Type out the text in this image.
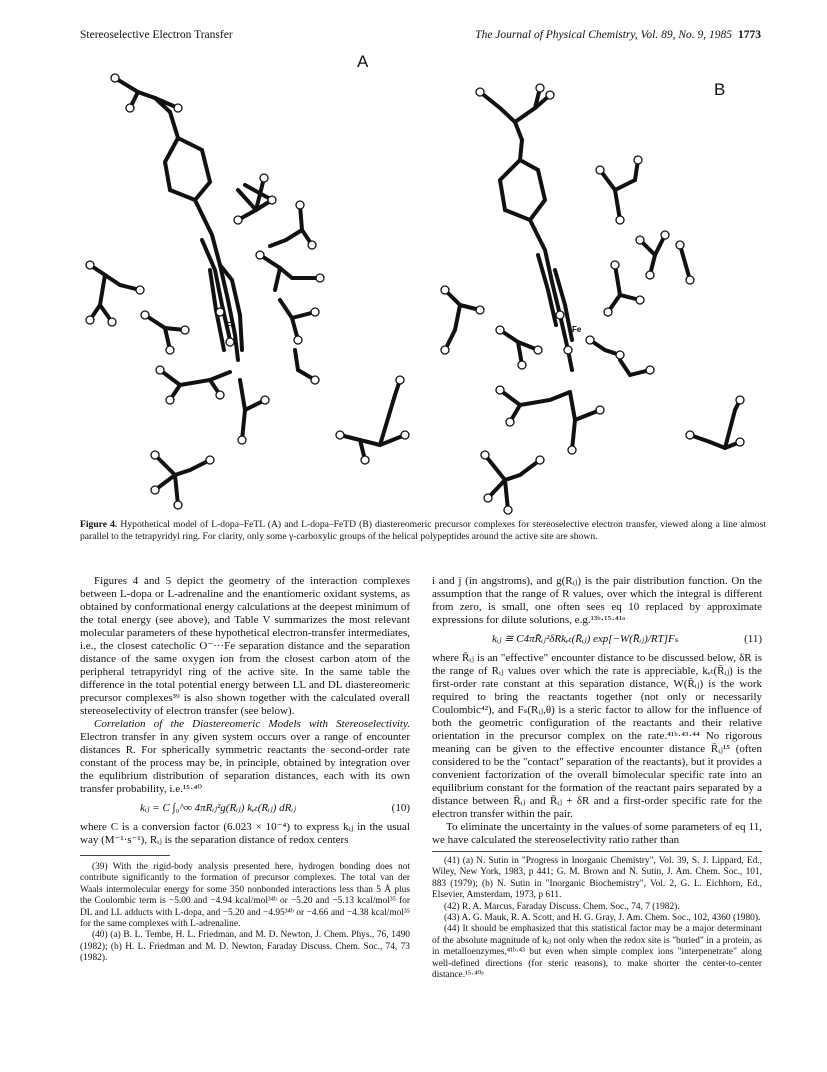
Stereoselective Electron Transfer	The Journal of Physical Chemistry, Vol. 89, No. 9, 1985 1773
A
B
Fe	Fe
Figure 4. Hypothetical model of L-dopa–FeTL (A) and L-dopa–FeTD (B) diastereomeric precursor complexes for stereoselective electron transfer, viewed along a line almost parallel to the tetrapyridyl ring. For clarity, only some γ-carboxylic groups of the helical polypeptides around the active site are shown.

Figures 4 and 5 depict the geometry of the interaction complexes between L-dopa or L-adrenaline and the enantiomeric oxidant systems, as obtained by conformational energy calculations at the deepest minimum of the total energy (see above), and Table V summarizes the most relevant molecular parameters of these hypothetical electron-transfer intermediates, i.e., the closest catecholic O⁻···Fe separation distance and the separation distance of the same oxygen ion from the closest carbon atom of the peripheral tetrapyridyl ring of the active site. In the same table the difference in the total potential energy between LL and DL diastereomeric precursor complexes³⁹ is also shown together with the calculated overall stereoselectivity of electron transfer (see below).

Correlation of the Diastereomeric Models with Stereoselectivity. Electron transfer in any given system occurs over a range of encounter distances R. For spherically symmetric reactants the second-order rate constant of the process may be, in principle, obtained by integration over the equlibrium distribution of separation distances, each with its own transfer probability, i.e.¹⁵·⁴⁰

kᵢⱼ = C ∫₀^∞ 4πRᵢⱼ²g(Rᵢⱼ) kₑₜ(Rᵢⱼ) dRᵢⱼ	(10)

where C is a conversion factor (6.023 × 10⁻⁴) to express kᵢⱼ in the usual way (M⁻¹·s⁻¹), Rᵢⱼ is the separation distance of redox centers

(39) With the rigid-body analysis presented here, hydrogen bonding does not contribute significantly to the formation of precursor complexes. The total van der Waals intermolecular energy for some 350 nonbonded interactions less than 5 Å plus the Coulombic term is −5.00 and −4.94 kcal/mol³⁴ᵇ or −5.20 and −5.13 kcal/mol³⁵ for DL and LL adducts with L-dopa, and −5.20 and −4.95³⁴ᵇ or −4.66 and −4.38 kcal/mol³⁵ for the same complexes with L-adrenaline.

(40) (a) B. L. Tembe, H. L. Friedman, and M. D. Newton, J. Chem. Phys., 76, 1490 (1982); (b) H. L. Friedman and M. D. Newton, Faraday Discuss. Chem. Soc., 74, 73 (1982).

i and j (in angstroms), and g(Rᵢⱼ) is the pair distribution function. On the assumption that the range of R values, over which the integral is different from zero, is small, one often sees eq 10 replaced by approximate expressions for dilute solutions, e.g.¹³ᵇ·¹⁵·⁴¹ᵃ

kᵢⱼ ≅ C4πR̄ᵢⱼ²δRkₑₜ(R̄ᵢⱼ) exp[−W(R̄ᵢⱼ)/RT]Fₛ	(11)

where R̄ᵢⱼ is an "effective" encounter distance to be discussed below, δR is the range of Rᵢⱼ values over which the rate is appreciable, kₑₜ(R̄ᵢⱼ) is the first-order rate constant at this separation distance, W(R̄ᵢⱼ) is the work required to bring the reactants together (not only or necessarily Coulombic⁴²), and Fₛ(Rᵢⱼ,θ) is a steric factor to allow for the influence of both the geometric configuration of the reactants and their relative orientation in the precursor complex on the rate.⁴¹ᵇ·⁴³·⁴⁴ No rigorous meaning can be given to the effective encounter distance R̄ᵢⱼ¹⁵ (often considered to be the "contact" separation of the reactants), but it provides a convenient factorization of the overall bimolecular specific rate into an equilibrium constant for the formation of the reactant pairs separated by a distance between R̄ᵢⱼ and R̄ᵢⱼ + δR and a first-order specific rate for the electron transfer within the pair.

To eliminate the uncertainty in the values of some parameters of eq 11, we have calculated the stereoselectivity ratio rather than

(41) (a) N. Sutin in "Progress in Inorganic Chemistry", Vol. 39, S. J. Lippard, Ed., Wiley, New York, 1983, p 441; G. M. Brown and N. Sutin, J. Am. Chem. Soc., 101, 883 (1979); (b) N. Sutin in "Inorganic Biochemistry", Vol. 2, G. L. Eichhorn, Ed., Elsevier, Amsterdam, 1973, p 611.

(42) R. A. Marcus, Faraday Discuss. Chem. Soc., 74, 7 (1982).

(43) A. G. Mauk, R. A. Scott, and H. G. Gray, J. Am. Chem. Soc., 102, 4360 (1980).

(44) It should be emphasized that this statistical factor may be a major determinant of the absolute magnitude of kᵢⱼ not only when the redox site is "buried" in a protein, as in metalloenzymes,⁴¹ᵇ·⁴³ but even when simple complex ions "interpenetrate" along well-defined directions (for steric reasons), to make shorter the center-to-center distance.¹⁵·⁴⁰ᵃ
